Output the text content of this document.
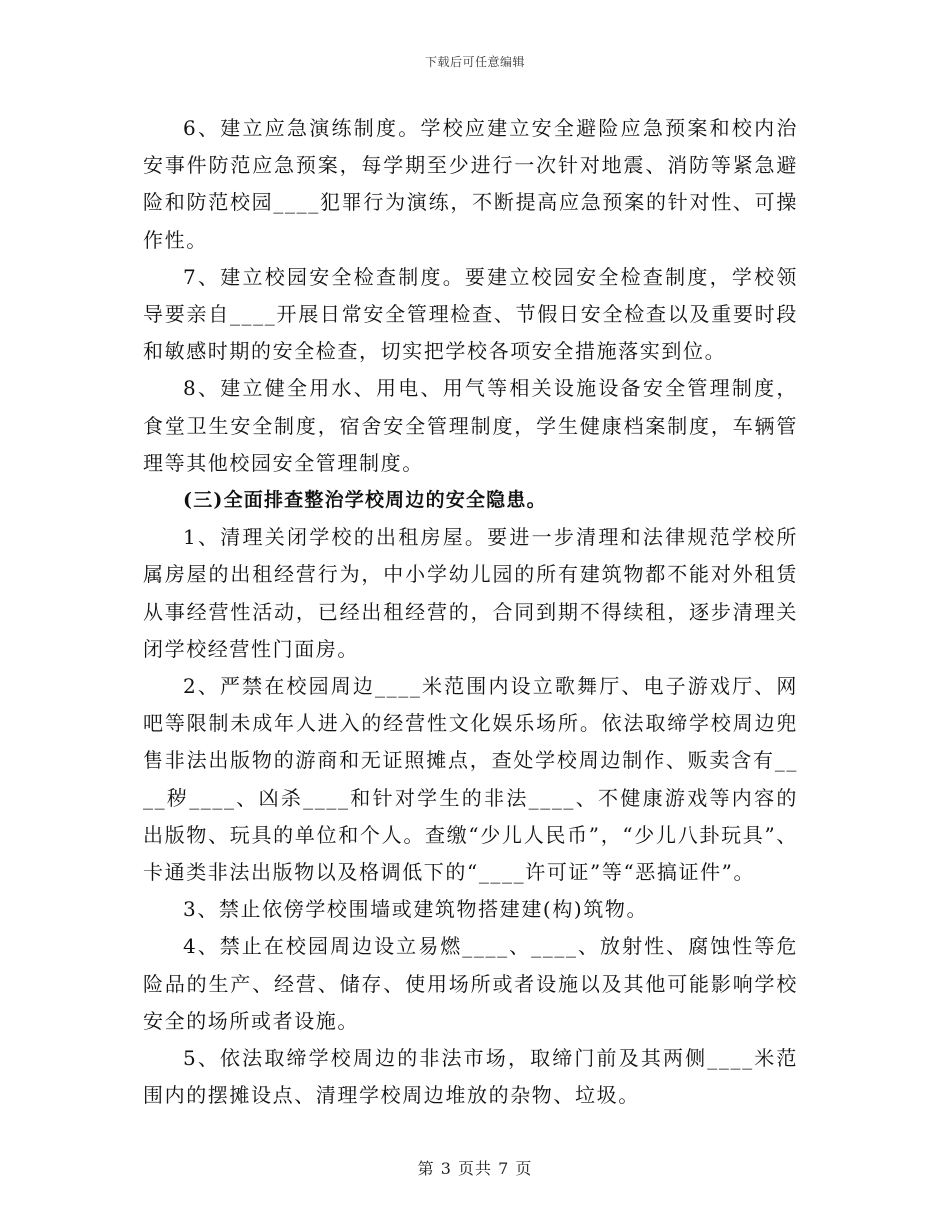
下载后可任意编辑

6、建立应急演练制度。学校应建立安全避险应急预案和校内治安事件防范应急预案，每学期至少进行一次针对地震、消防等紧急避险和防范校园____犯罪行为演练，不断提高应急预案的针对性、可操作性。

7、建立校园安全检查制度。要建立校园安全检查制度，学校领导要亲自____开展日常安全管理检查、节假日安全检查以及重要时段和敏感时期的安全检查，切实把学校各项安全措施落实到位。

8、建立健全用水、用电、用气等相关设施设备安全管理制度，食堂卫生安全制度，宿舍安全管理制度，学生健康档案制度，车辆管理等其他校园安全管理制度。

(三)全面排查整治学校周边的安全隐患。

1、清理关闭学校的出租房屋。要进一步清理和法律规范学校所属房屋的出租经营行为，中小学幼儿园的所有建筑物都不能对外租赁从事经营性活动，已经出租经营的，合同到期不得续租，逐步清理关闭学校经营性门面房。

2、严禁在校园周边____米范围内设立歌舞厅、电子游戏厅、网吧等限制未成年人进入的经营性文化娱乐场所。依法取缔学校周边兜售非法出版物的游商和无证照摊点，查处学校周边制作、贩卖含有____秽____、凶杀____和针对学生的非法____、不健康游戏等内容的出版物、玩具的单位和个人。查缴“少儿人民币”，“少儿八卦玩具”、卡通类非法出版物以及格调低下的“____许可证”等“恶搞证件”。

3、禁止依傍学校围墙或建筑物搭建建(构)筑物。

4、禁止在校园周边设立易燃____、____、放射性、腐蚀性等危险品的生产、经营、储存、使用场所或者设施以及其他可能影响学校安全的场所或者设施。

5、依法取缔学校周边的非法市场，取缔门前及其两侧____米范围内的摆摊设点、清理学校周边堆放的杂物、垃圾。

第 3 页共 7 页
